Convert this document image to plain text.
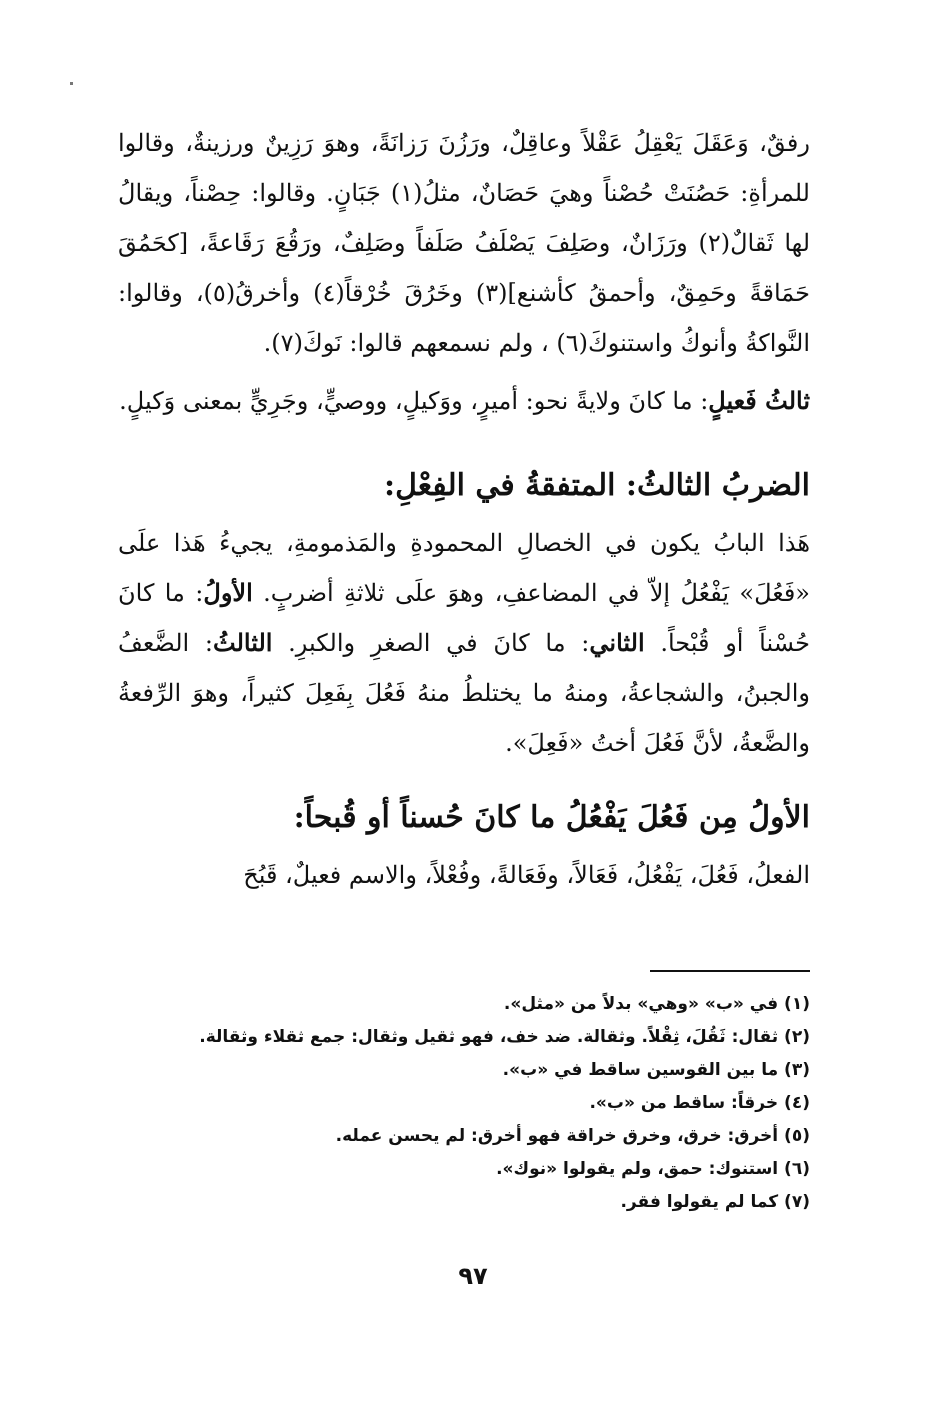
رفقٌ، وَعَقَلَ يَعْقِلُ عَقْلاً وعاقِلٌ، ورَزُنَ رَزانَةً، وهوَ رَزِينٌ ورزينةٌ، وقالوا للمرأةِ: حَصُنَتْ حُصْناً وهيَ حَصَانٌ، مثلُ(١) جَبَانٍ. وقالوا: حِصْناً، ويقالُ لها ثَقالٌ(٢) ورَزَانٌ، وصَلِفَ يَصْلَفُ صَلَفاً وصَلِفٌ، ورَقُعَ رَقَاعةً، [كحَمُقَ حَمَاقةً وحَمِقٌ، وأحمقُ كأشنع](٣) وخَرُقَ خُرْقاً(٤) وأخرقُ(٥)، وقالوا: النَّواكةُ وأنوكُ واستنوكَ(٦) ، ولم نسمعهم قالوا: نَوكَ(٧).

ثالثُ فَعيلٍ: ما كانَ ولايةً نحو: أميرٍ، ووَكيلٍ، ووصيٍّ، وجَرِيٍّ بمعنى وَكيلٍ.

الضربُ الثالثُ: المتفقةُ في الفِعْلِ:

هَذا البابُ يكون في الخصالِ المحمودةِ والمَذمومةِ، يجيءُ هَذا علَى «فَعُلَ» يَفْعُلُ إلاّ في المضاعفِ، وهوَ علَى ثلاثةِ أضربٍ. الأولُ: ما كانَ حُسْناً أو قُبْحاً. الثاني: ما كانَ في الصغرِ والكبرِ. الثالثُ: الضَّعفُ والجبنُ، والشجاعةُ، ومنهُ ما يختلطُ منهُ فَعُلَ بِفَعِلَ كثيراً، وهوَ الرِّفعةُ والضَّعةُ، لأنَّ فَعُلَ أختُ «فَعِلَ».

الأولُ مِن فَعُلَ يَفْعُلُ ما كانَ حُسناً أو قُبحاً:

الفعلُ، فَعُلَ، يَفْعُلُ، فَعَالاً، وفَعَالةً، وفُعْلاً، والاسم فعيلٌ، قَبُحَ

(١) في «ب» «وهي» بدلاً من «مثل».
(٢) ثقال: ثَقُلَ، ثِقْلاً. وثقالة. ضد خف، فهو ثقيل وثقال: جمع ثقلاء وثقالة.
(٣) ما بين القوسين ساقط في «ب».
(٤) خرقاً: ساقط من «ب».
(٥) أخرق: خرق، وخرق خراقة فهو أخرق: لم يحسن عمله.
(٦) استنوك: حمق، ولم يقولوا «نوك».
(٧) كما لم يقولوا فقر.
٩٧
